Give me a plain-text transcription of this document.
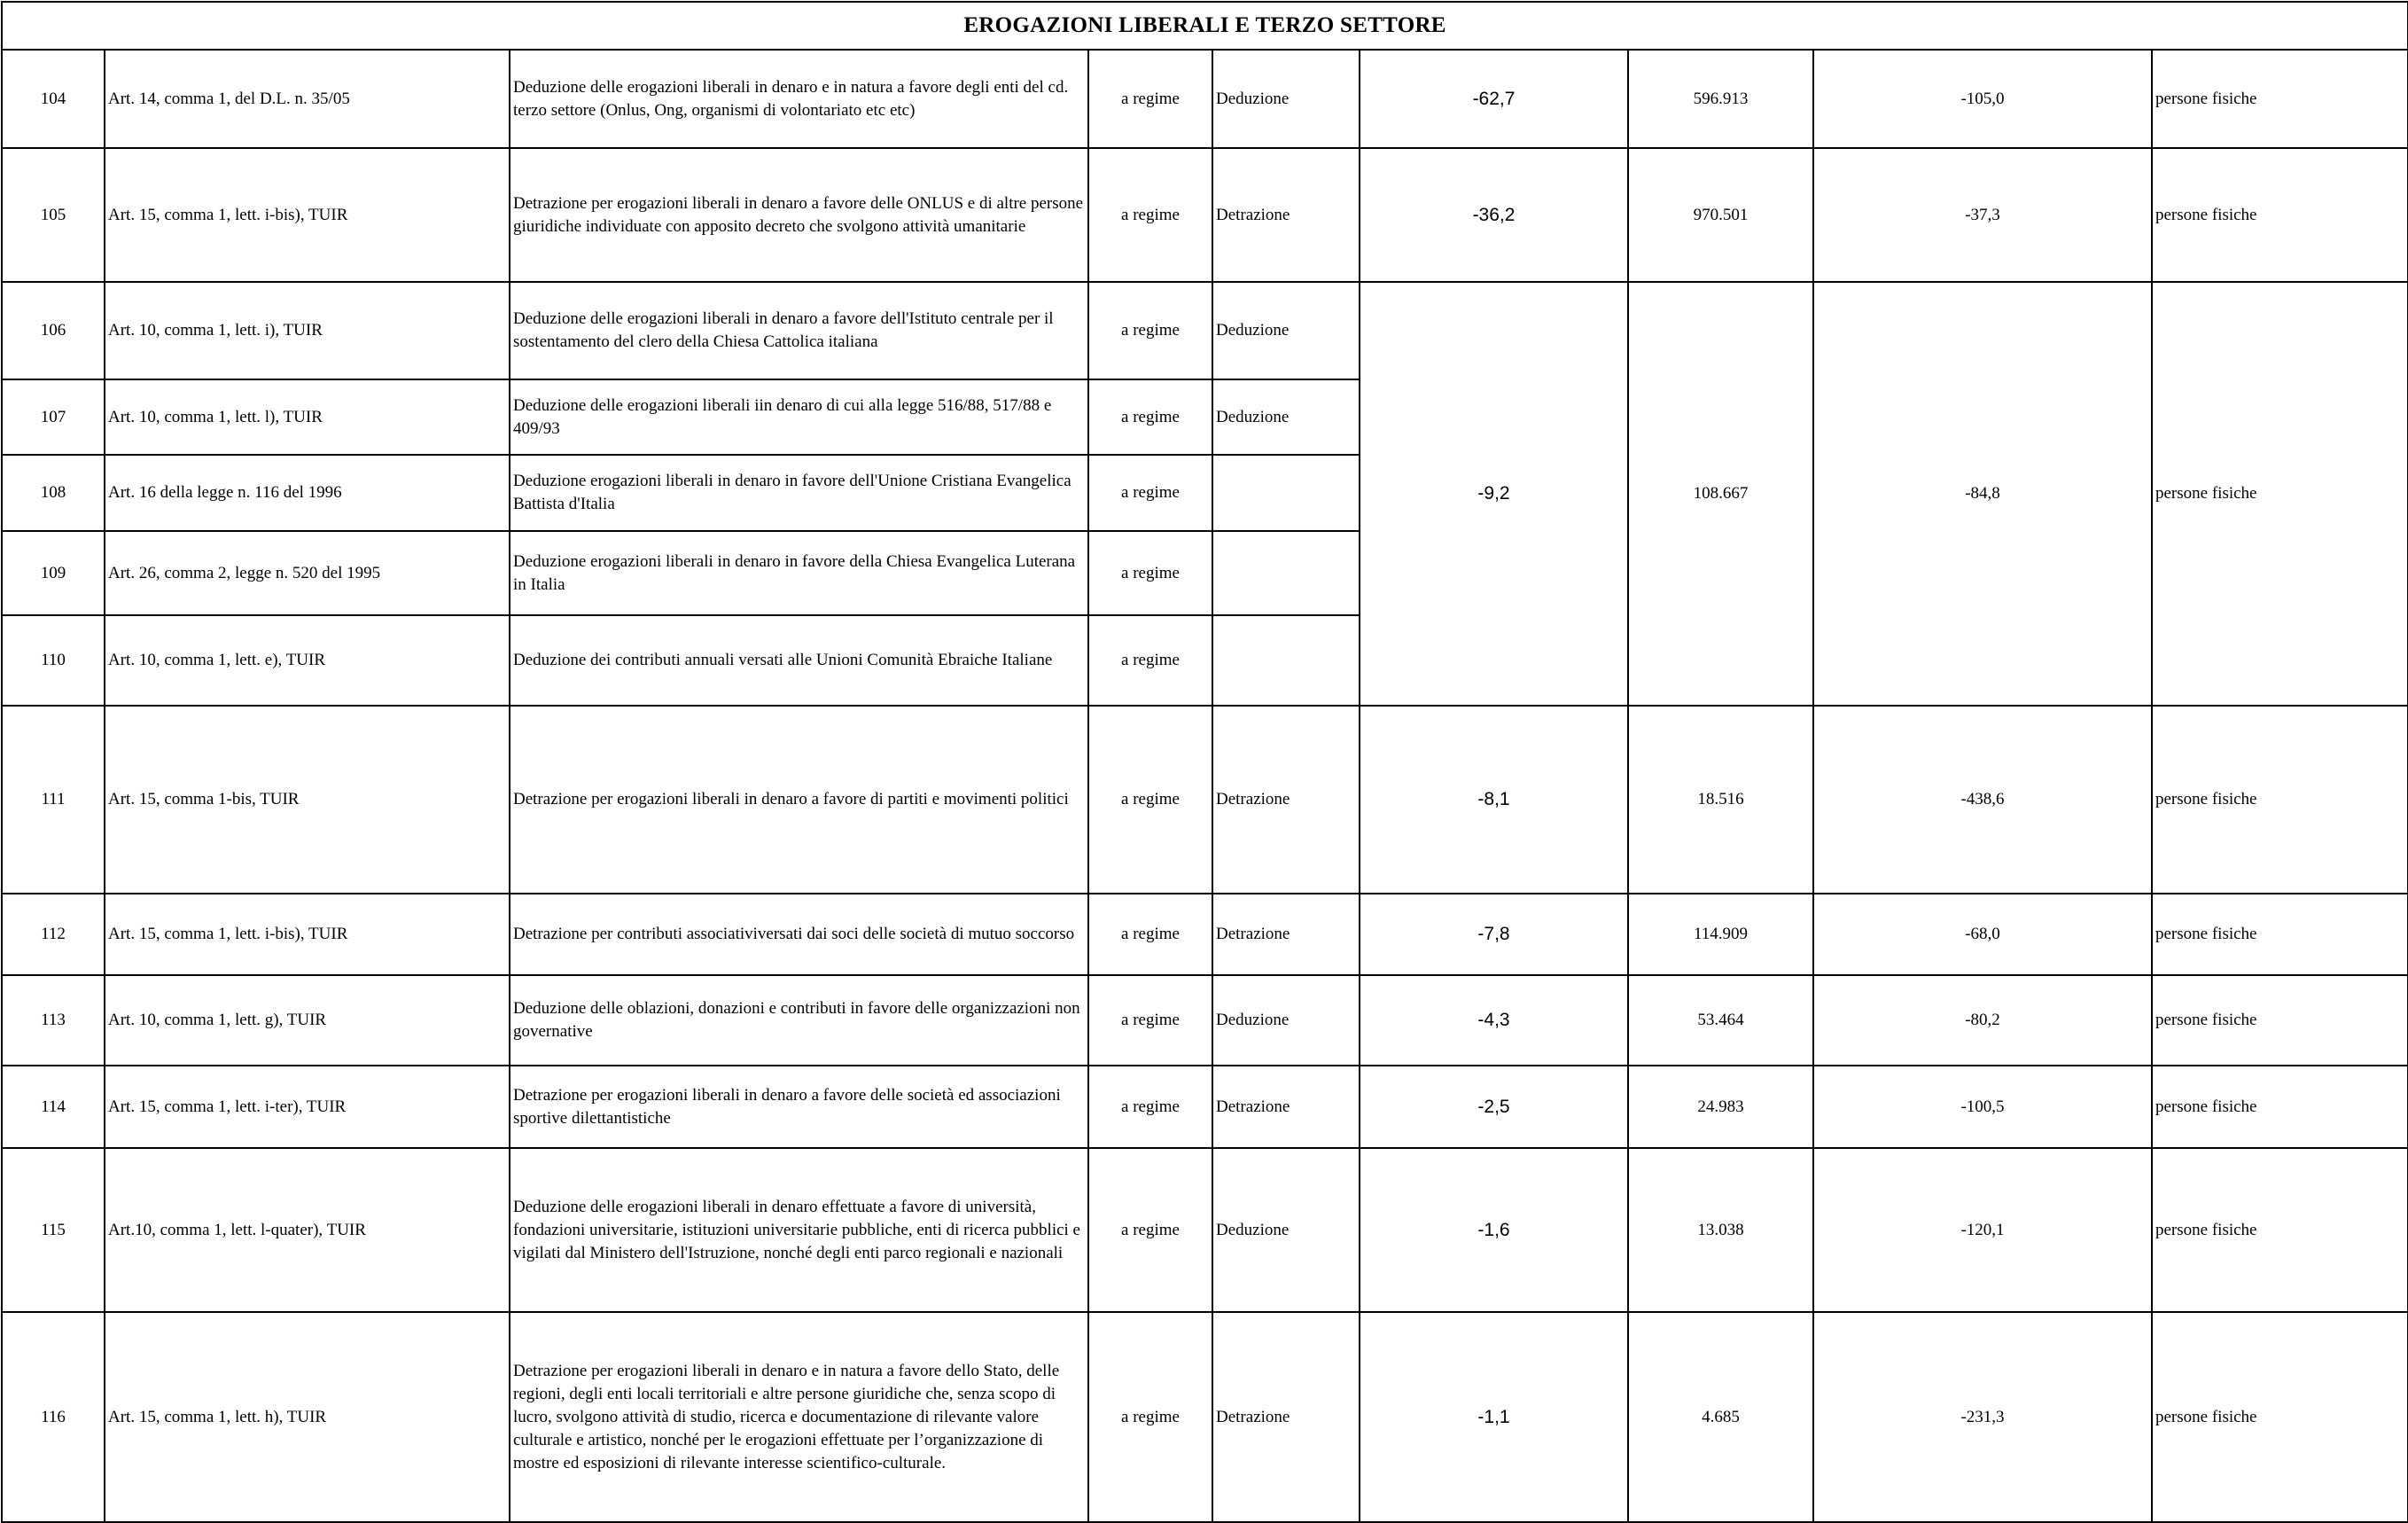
EROGAZIONI LIBERALI E TERZO SETTORE								
104	Art. 14, comma 1, del D.L. n. 35/05	Deduzione delle erogazioni liberali in denaro e in natura a favore degli enti del cd. terzo settore (Onlus, Ong, organismi di volontariato etc etc)	a regime	Deduzione	-62,7	596.913	-105,0	persone fisiche
105	Art. 15, comma 1, lett. i-bis), TUIR	Detrazione per erogazioni liberali in denaro a favore delle ONLUS e di altre persone giuridiche individuate con apposito decreto che svolgono attività umanitarie	a regime	Detrazione	-36,2	970.501	-37,3	persone fisiche
106	Art. 10, comma 1, lett. i), TUIR	Deduzione delle erogazioni liberali in denaro a favore dell'Istituto centrale per il sostentamento del clero della Chiesa Cattolica italiana	a regime	Deduzione	-9,2	108.667	-84,8	persone fisiche
107	Art. 10, comma 1, lett. l), TUIR	Deduzione delle erogazioni liberali iin denaro di cui alla legge 516/88, 517/88 e 409/93	a regime	Deduzione				
108	Art. 16 della legge n. 116 del 1996	Deduzione erogazioni liberali in denaro in favore dell'Unione Cristiana Evangelica Battista d'Italia	a regime					
109	Art. 26, comma 2, legge n. 520 del 1995	Deduzione erogazioni liberali in denaro in favore della Chiesa Evangelica Luterana in Italia	a regime					
110	Art. 10, comma 1, lett. e), TUIR	Deduzione dei contributi annuali versati alle Unioni Comunità Ebraiche Italiane	a regime					
111	Art. 15, comma 1-bis, TUIR	Detrazione per erogazioni liberali in denaro a favore di partiti e movimenti politici	a regime	Detrazione	-8,1	18.516	-438,6	persone fisiche
112	Art. 15, comma 1, lett. i-bis), TUIR	Detrazione per contributi associativiversati dai soci delle società di mutuo soccorso	a regime	Detrazione	-7,8	114.909	-68,0	persone fisiche
113	Art. 10, comma 1, lett. g), TUIR	Deduzione delle oblazioni, donazioni e contributi in favore delle organizzazioni non governative	a regime	Deduzione	-4,3	53.464	-80,2	persone fisiche
114	Art. 15, comma 1, lett. i-ter), TUIR	Detrazione per erogazioni liberali in denaro a favore delle società ed associazioni sportive dilettantistiche	a regime	Detrazione	-2,5	24.983	-100,5	persone fisiche
115	Art.10, comma 1, lett. l-quater), TUIR	Deduzione delle erogazioni liberali in denaro effettuate a favore di università, fondazioni universitarie, istituzioni universitarie pubbliche, enti di ricerca pubblici e vigilati dal Ministero dell'Istruzione, nonché degli enti parco regionali e nazionali	a regime	Deduzione	-1,6	13.038	-120,1	persone fisiche
116	Art. 15, comma 1, lett. h), TUIR	Detrazione per erogazioni liberali in denaro e in natura a favore dello Stato, delle regioni, degli enti locali territoriali e altre persone giuridiche che, senza scopo di lucro, svolgono attività di studio, ricerca e documentazione di rilevante valore culturale e artistico, nonché per le erogazioni effettuate per l’organizzazione di mostre ed esposizioni di rilevante interesse scientifico-culturale.	a regime	Detrazione	-1,1	4.685	-231,3	persone fisiche
